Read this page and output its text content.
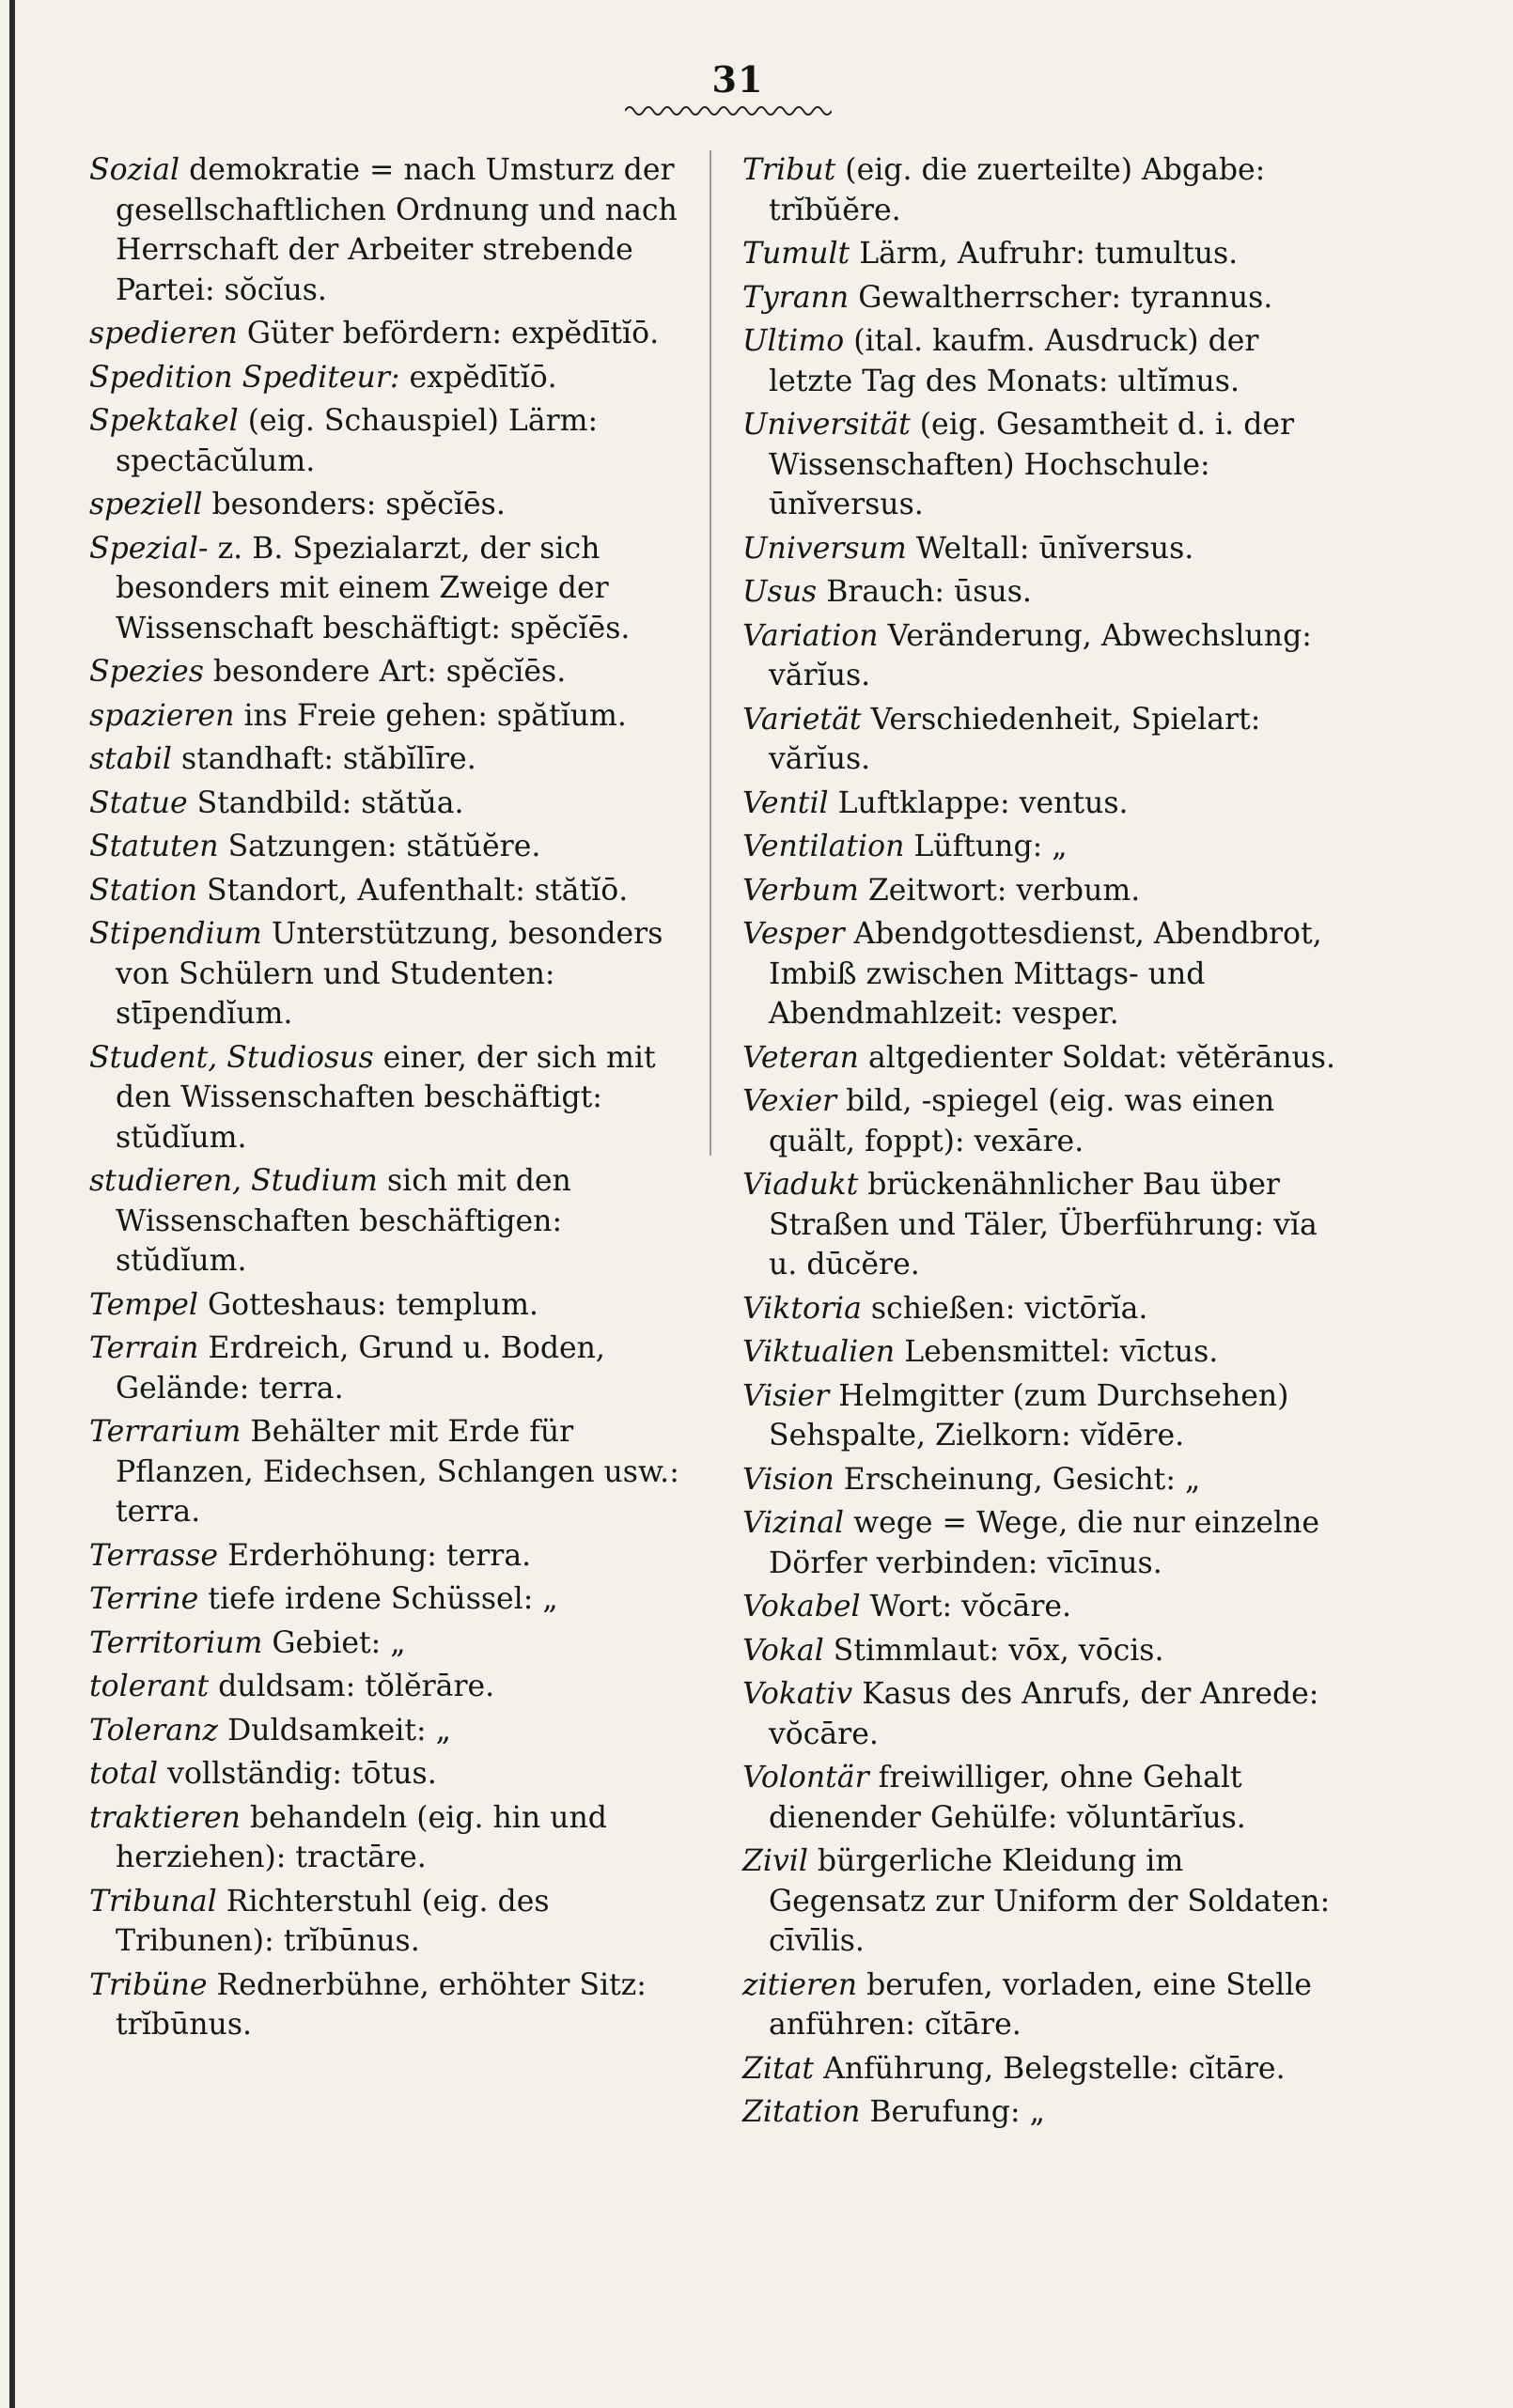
31

Sozial demokratie = nach Umsturz der gesellschaftlichen Ordnung und nach Herrschaft der Arbeiter strebende Partei: sŏcĭus.

spedieren Güter befördern: expĕdītĭō.

Spedition Spediteur: expĕdītĭō.

Spektakel (eig. Schauspiel) Lärm: spectācŭlum.

speziell besonders: spĕcĭēs.

Spezial- z. B. Spezialarzt, der sich besonders mit einem Zweige der Wissenschaft beschäftigt: spĕcĭēs.

Spezies besondere Art: spĕcĭēs.

spazieren ins Freie gehen: spătĭum.

stabil standhaft: stăbĭlīre.

Statue Standbild: stătŭa.

Statuten Satzungen: stătŭĕre.

Station Standort, Aufenthalt: stătĭō.

Stipendium Unterstützung, besonders von Schülern und Studenten: stīpendĭum.

Student, Studiosus einer, der sich mit den Wissenschaften beschäftigt: stŭdĭum.

studieren, Studium sich mit den Wissenschaften beschäftigen: stŭdĭum.

Tempel Gotteshaus: templum.

Terrain Erdreich, Grund u. Boden, Gelände: terra.

Terrarium Behälter mit Erde für Pflanzen, Eidechsen, Schlangen usw.: terra.

Terrasse Erderhöhung: terra.

Terrine tiefe irdene Schüssel: „

Territorium Gebiet: „

tolerant duldsam: tŏlĕrāre.

Toleranz Duldsamkeit: „

total vollständig: tōtus.

traktieren behandeln (eig. hin und herziehen): tractāre.

Tribunal Richterstuhl (eig. des Tribunen): trĭbūnus.

Tribüne Rednerbühne, erhöhter Sitz: trĭbūnus.

Tribut (eig. die zuerteilte) Abgabe: trĭbŭĕre.

Tumult Lärm, Aufruhr: tumultus.

Tyrann Gewaltherrscher: tyrannus.

Ultimo (ital. kaufm. Ausdruck) der letzte Tag des Monats: ultĭmus.

Universität (eig. Gesamtheit d. i. der Wissenschaften) Hochschule: ūnĭversus.

Universum Weltall: ūnĭversus.

Usus Brauch: ūsus.

Variation Veränderung, Abwechslung: vărĭus.

Varietät Verschiedenheit, Spielart: vărĭus.

Ventil Luftklappe: ventus.

Ventilation Lüftung: „

Verbum Zeitwort: verbum.

Vesper Abendgottesdienst, Abendbrot, Imbiß zwischen Mittags- und Abendmahlzeit: vesper.

Veteran altgedienter Soldat: vĕtĕrānus.

Vexier bild, -spiegel (eig. was einen quält, foppt): vexāre.

Viadukt brückenähnlicher Bau über Straßen und Täler, Überführung: vĭa u. dūcĕre.

Viktoria schießen: victōrĭa.

Viktualien Lebensmittel: vīctus.

Visier Helmgitter (zum Durchsehen) Sehspalte, Zielkorn: vĭdēre.

Vision Erscheinung, Gesicht: „

Vizinal wege = Wege, die nur einzelne Dörfer verbinden: vīcīnus.

Vokabel Wort: vŏcāre.

Vokal Stimmlaut: vōx, vōcis.

Vokativ Kasus des Anrufs, der Anrede: vŏcāre.

Volontär freiwilliger, ohne Gehalt dienender Gehülfe: vŏluntārĭus.

Zivil bürgerliche Kleidung im Gegensatz zur Uniform der Soldaten: cīvīlis.

zitieren berufen, vorladen, eine Stelle anführen: cĭtāre.

Zitat Anführung, Belegstelle: cĭtāre.

Zitation Berufung: „
